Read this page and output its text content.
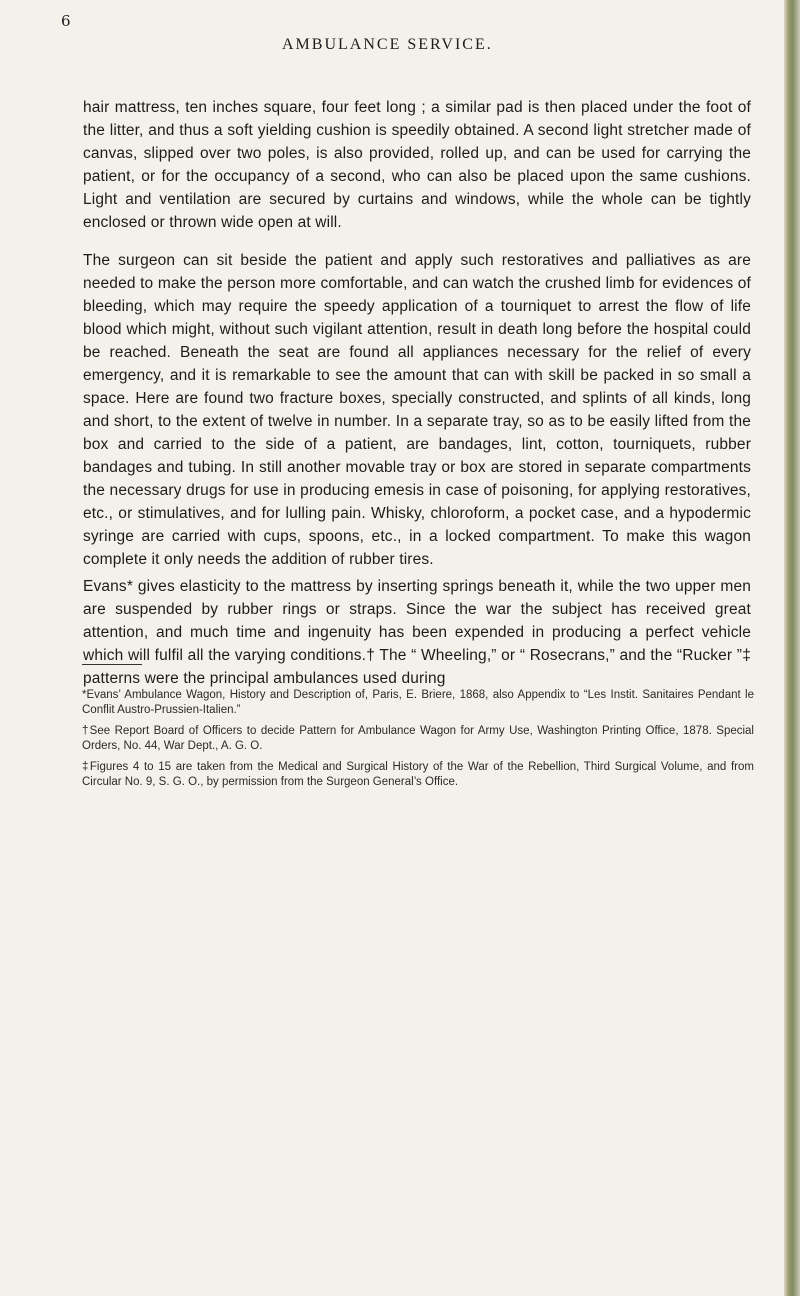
6
AMBULANCE SERVICE.

hair mattress, ten inches square, four feet long ; a similar pad is then placed under the foot of the litter, and thus a soft yielding cushion is speedily obtained. A second light stretcher made of canvas, slipped over two poles, is also provided, rolled up, and can be used for carrying the patient, or for the occupancy of a second, who can also be placed upon the same cushions. Light and ventilation are secured by curtains and windows, while the whole can be tightly enclosed or thrown wide open at will.

The surgeon can sit beside the patient and apply such restoratives and palliatives as are needed to make the person more comfortable, and can watch the crushed limb for evidences of bleeding, which may require the speedy application of a tourniquet to arrest the flow of life blood which might, without such vigilant attention, result in death long before the hospital could be reached. Beneath the seat are found all appliances necessary for the relief of every emergency, and it is remarkable to see the amount that can with skill be packed in so small a space. Here are found two fracture boxes, specially constructed, and splints of all kinds, long and short, to the extent of twelve in number. In a separate tray, so as to be easily lifted from the box and carried to the side of a patient, are bandages, lint, cotton, tourniquets, rubber bandages and tubing. In still another movable tray or box are stored in separate compartments the necessary drugs for use in producing emesis in case of poisoning, for applying restoratives, etc., or stimulatives, and for lulling pain. Whisky, chloroform, a pocket case, and a hypodermic syringe are carried with cups, spoons, etc., in a locked compartment. To make this wagon complete it only needs the addition of rubber tires.

Evans* gives elasticity to the mattress by inserting springs beneath it, while the two upper men are suspended by rubber rings or straps. Since the war the subject has received great attention, and much time and ingenuity has been expended in producing a perfect vehicle which will fulfil all the varying conditions.† The “ Wheeling,” or “ Rosecrans,” and the “Rucker ”‡ patterns were the principal ambulances used during

*Evans’ Ambulance Wagon, History and Description of, Paris, E. Briere, 1868, also Appendix to “Les Instit. Sanitaires Pendant le Conflit Austro-Prussien-Italien.”

†See Report Board of Officers to decide Pattern for Ambulance Wagon for Army Use, Washington Printing Office, 1878. Special Orders, No. 44, War Dept., A. G. O.

‡Figures 4 to 15 are taken from the Medical and Surgical History of the War of the Rebellion, Third Surgical Volume, and from Circular No. 9, S. G. O., by permission from the Surgeon General’s Office.
